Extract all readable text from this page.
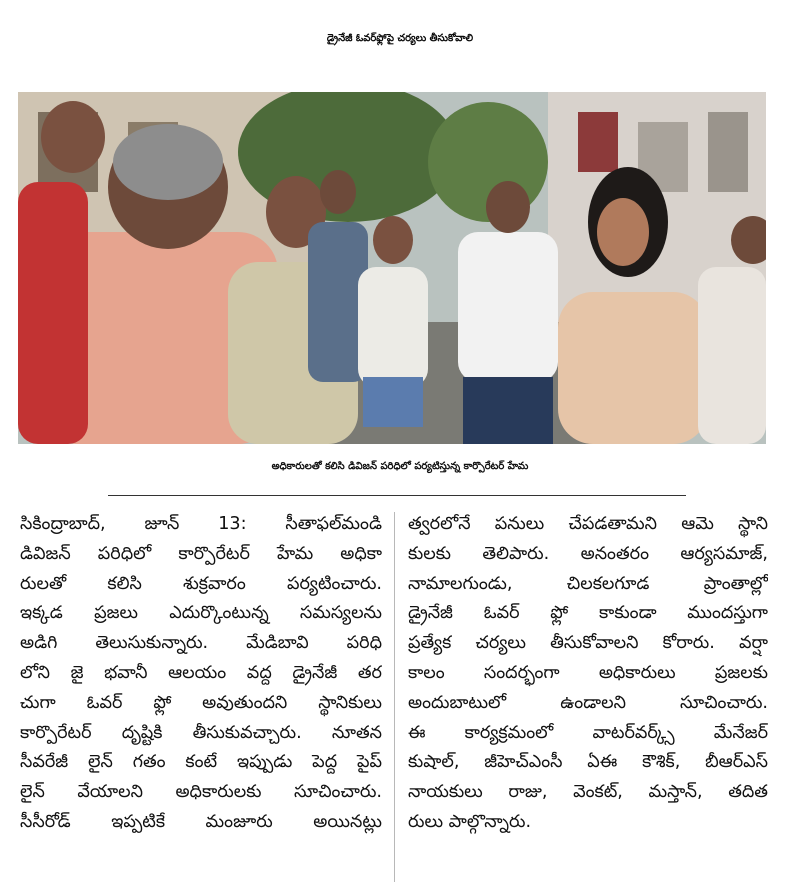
డ్రైనేజీ ఓవర్‌ఫ్లోపై చర్యలు తీసుకోవాలి
అధికారులతో కలిసి డివిజన్ పరిధిలో పర్యటిస్తున్న కార్పొరేటర్ హేమ
సికింద్రాబాద్, జూన్ 13: సీతాఫల్‌మండి
డివిజన్ పరిధిలో కార్పొరేటర్ హేమ అధికా
రులతో కలిసి శుక్రవారం పర్యటించారు.
ఇక్కడ ప్రజలు ఎదుర్కొంటున్న సమస్యలను
అడిగి తెలుసుకున్నారు. మేడిబావి పరిధి
లోని జై భవానీ ఆలయం వద్ద డ్రైనేజీ తర
చుగా ఓవర్ ఫ్లో అవుతుందని స్థానికులు
కార్పొరేటర్ దృష్టికి తీసుకువచ్చారు. నూతన
సీవరేజీ లైన్ గతం కంటే ఇప్పుడు పెద్ద పైప్
లైన్ వేయాలని అధికారులకు సూచించారు.
సీసీరోడ్ ఇప్పటికే మంజూరు అయినట్లు
త్వరలోనే పనులు చేపడతామని ఆమె స్థాని
కులకు తెలిపారు. అనంతరం ఆర్యసమాజ్,
నామాలగుండు, చిలకలగూడ ప్రాంతాల్లో
డ్రైనేజీ ఓవర్ ఫ్లో కాకుండా ముందస్తుగా
ప్రత్యేక చర్యలు తీసుకోవాలని కోరారు. వర్షా
కాలం సందర్భంగా అధికారులు ప్రజలకు
అందుబాటులో ఉండాలని సూచించారు.
ఈ కార్యక్రమంలో వాటర్‌వర్క్స్ మేనేజర్
కుషాల్, జీహెచ్ఎంసీ ఏఈ కౌశిక్, బీఆర్ఎస్
నాయకులు రాజు, వెంకట్, మస్తాన్, తదిత
రులు పాల్గొన్నారు.
